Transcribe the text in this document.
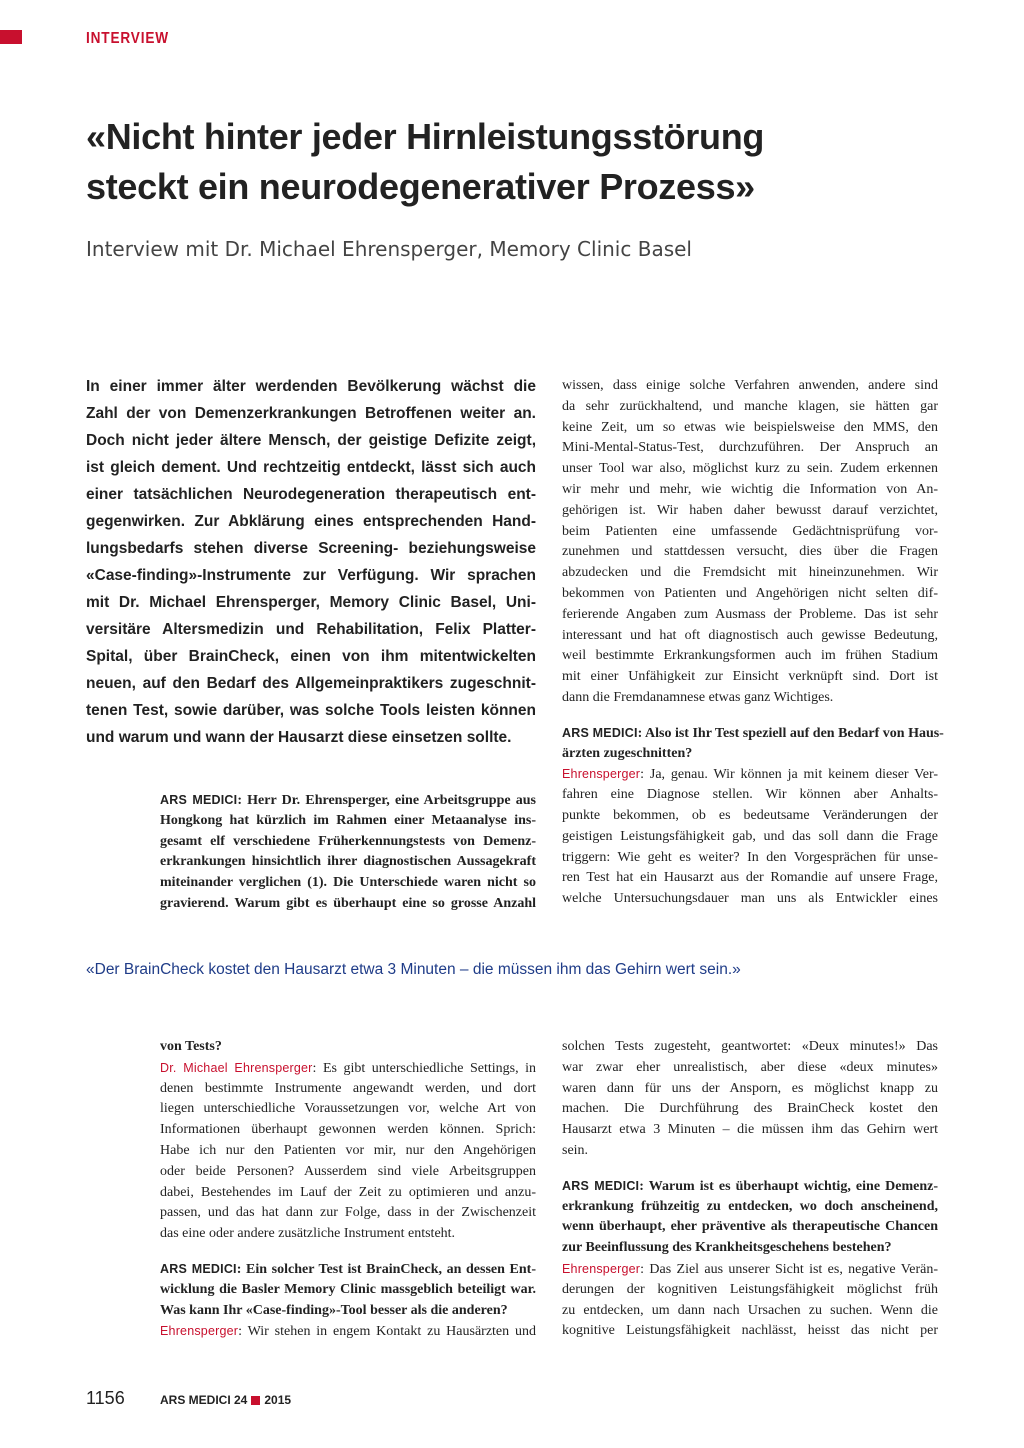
INTERVIEW
«Nicht hinter jeder Hirnleistungsstörung
steckt ein neurodegenerativer Prozess»
Interview mit Dr. Michael Ehrensperger, Memory Clinic Basel
In einer immer älter werdenden Bevölkerung wächst die
Zahl der von Demenzerkrankungen Betroffenen weiter an.
Doch nicht jeder ältere Mensch, der geistige Defizite zeigt,
ist gleich dement. Und rechtzeitig entdeckt, lässt sich auch
einer tatsächlichen Neurodegeneration therapeutisch ent-
gegenwirken. Zur Abklärung eines entsprechenden Hand-
lungsbedarfs stehen diverse Screening- beziehungsweise
«Case-finding»-Instrumente zur Verfügung. Wir sprachen
mit Dr. Michael Ehrensperger, Memory Clinic Basel, Uni-
versitäre Altersmedizin und Rehabilitation, Felix Platter-
Spital, über BrainCheck, einen von ihm mitentwickelten
neuen, auf den Bedarf des Allgemeinpraktikers zugeschnit-
tenen Test, sowie darüber, was solche Tools leisten können
und warum und wann der Hausarzt diese einsetzen sollte.
ARS MEDICI: Herr Dr. Ehrensperger, eine Arbeitsgruppe aus
Hongkong hat kürzlich im Rahmen einer Metaanalyse ins-
gesamt elf verschiedene Früherkennungstests von Demenz-
erkrankungen hinsichtlich ihrer diagnostischen Aussagekraft
miteinander verglichen (1). Die Unterschiede waren nicht so
gravierend. Warum gibt es überhaupt eine so grosse Anzahl
wissen, dass einige solche Verfahren anwenden, andere sind
da sehr zurückhaltend, und manche klagen, sie hätten gar
keine Zeit, um so etwas wie beispielsweise den MMS, den
Mini-Mental-Status-Test, durchzuführen. Der Anspruch an
unser Tool war also, möglichst kurz zu sein. Zudem erkennen
wir mehr und mehr, wie wichtig die Information von An-
gehörigen ist. Wir haben daher bewusst darauf verzichtet,
beim Patienten eine umfassende Gedächtnisprüfung vor-
zunehmen und stattdessen versucht, dies über die Fragen
abzudecken und die Fremdsicht mit hineinzunehmen. Wir
bekommen von Patienten und Angehörigen nicht selten dif-
ferierende Angaben zum Ausmass der Probleme. Das ist sehr
interessant und hat oft diagnostisch auch gewisse Bedeutung,
weil bestimmte Erkrankungsformen auch im frühen Stadium
mit einer Unfähigkeit zur Einsicht verknüpft sind. Dort ist
dann die Fremdanamnese etwas ganz Wichtiges.
ARS MEDICI: Also ist Ihr Test speziell auf den Bedarf von Haus-
ärzten zugeschnitten?
Ehrensperger: Ja, genau. Wir können ja mit keinem dieser Ver-
fahren eine Diagnose stellen. Wir können aber Anhalts-
punkte bekommen, ob es bedeutsame Veränderungen der
geistigen Leistungsfähigkeit gab, und das soll dann die Frage
triggern: Wie geht es weiter? In den Vorgesprächen für unse-
ren Test hat ein Hausarzt aus der Romandie auf unsere Frage,
welche Untersuchungsdauer man uns als Entwickler eines
«Der BrainCheck kostet den Hausarzt etwa 3 Minuten – die müssen ihm das Gehirn wert sein.»
von Tests?
Dr. Michael Ehrensperger: Es gibt unterschiedliche Settings, in
denen bestimmte Instrumente angewandt werden, und dort
liegen unterschiedliche Voraussetzungen vor, welche Art von
Informationen überhaupt gewonnen werden können. Sprich:
Habe ich nur den Patienten vor mir, nur den Angehörigen
oder beide Personen? Ausserdem sind viele Arbeitsgruppen
dabei, Bestehendes im Lauf der Zeit zu optimieren und anzu-
passen, und das hat dann zur Folge, dass in der Zwischenzeit
das eine oder andere zusätzliche Instrument entsteht.
ARS MEDICI: Ein solcher Test ist BrainCheck, an dessen Ent-
wicklung die Basler Memory Clinic massgeblich beteiligt war.
Was kann Ihr «Case-finding»-Tool besser als die anderen?
Ehrensperger: Wir stehen in engem Kontakt zu Hausärzten und
solchen Tests zugesteht, geantwortet: «Deux minutes!» Das
war zwar eher unrealistisch, aber diese «deux minutes»
waren dann für uns der Ansporn, es möglichst knapp zu
machen. Die Durchführung des BrainCheck kostet den
Hausarzt etwa 3 Minuten – die müssen ihm das Gehirn wert
sein.
ARS MEDICI: Warum ist es überhaupt wichtig, eine Demenz-
erkrankung frühzeitig zu entdecken, wo doch anscheinend,
wenn überhaupt, eher präventive als therapeutische Chancen
zur Beeinflussung des Krankheitsgeschehens bestehen?
Ehrensperger: Das Ziel aus unserer Sicht ist es, negative Verän-
derungen der kognitiven Leistungsfähigkeit möglichst früh
zu entdecken, um dann nach Ursachen zu suchen. Wenn die
kognitive Leistungsfähigkeit nachlässt, heisst das nicht per
1156	ARS MEDICI 24 2015
